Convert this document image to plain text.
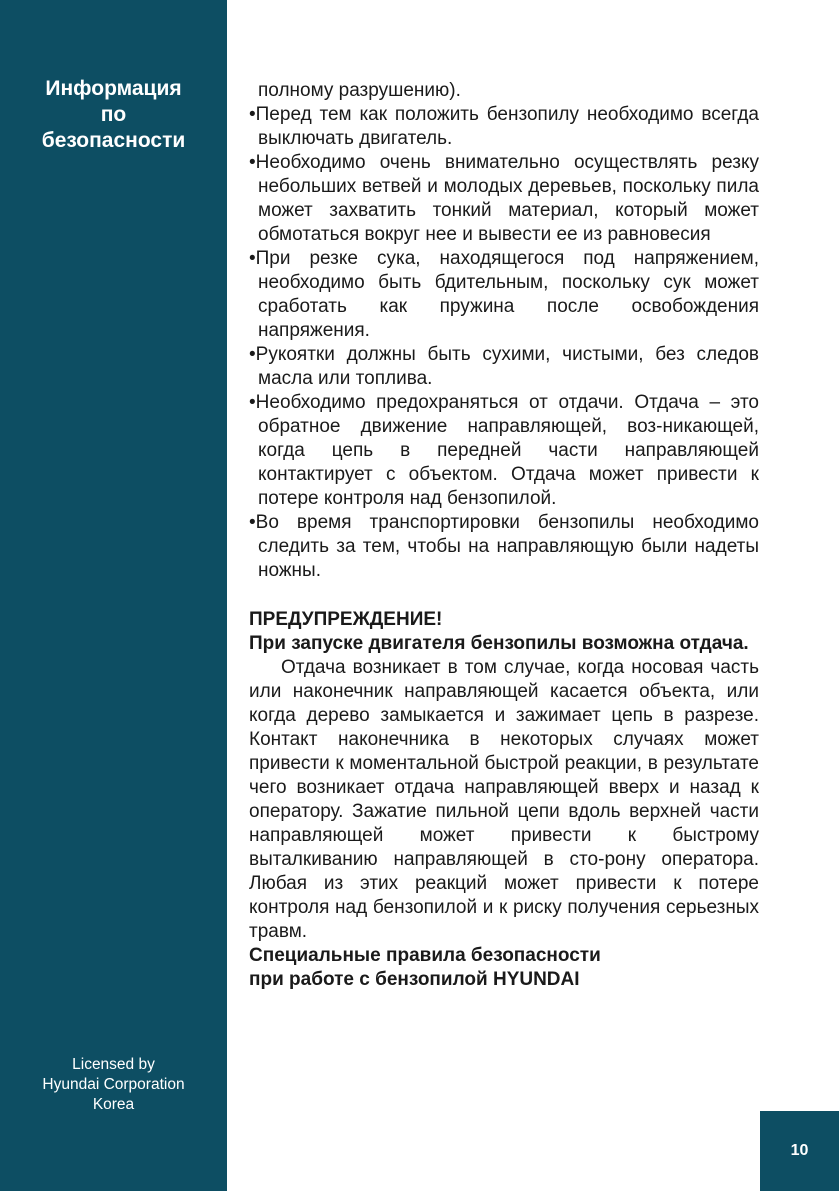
Информация
по
безопасности
Licensed by
Hyundai Corporation
Korea

полному разрушению).

•Перед тем как положить бензопилу необходимо всегда выключать двигатель.

•Необходимо очень внимательно осуществлять резку небольших ветвей и молодых деревьев, поскольку пила может захватить тонкий материал, который может обмотаться вокруг нее и вывести ее из равновесия

•При резке сука, находящегося под напряжением, необходимо быть бдительным, поскольку сук может сработать как пружина после освобождения напряжения.

•Рукоятки должны быть сухими, чистыми, без следов масла или топлива.

•Необходимо предохраняться от отдачи. Отдача – это обратное движение направляющей, воз-никающей, когда цепь в передней части направляющей контактирует с объектом. Отдача может привести к потере контроля над бензопилой.

•Во время транспортировки бензопилы необходимо следить за тем, чтобы на направляющую были надеты ножны.

ПРЕДУПРЕЖДЕНИЕ!

При запуске двигателя бензопилы возможна отдача.

Отдача возникает в том случае, когда носовая часть или наконечник направляющей касается объекта, или когда дерево замыкается и зажимает цепь в разрезе. Контакт наконечника в некоторых случаях может привести к моментальной быстрой реакции, в результате чего возникает отдача направляющей вверх и назад к оператору. Зажатие пильной цепи вдоль верхней части направляющей может привести к быстрому выталкиванию направляющей в сто-рону оператора. Любая из этих реакций может привести к потере контроля над бензопилой и к риску получения серьезных травм.

Специальные правила безопасности

при работе с бензопилой HYUNDAI

10
